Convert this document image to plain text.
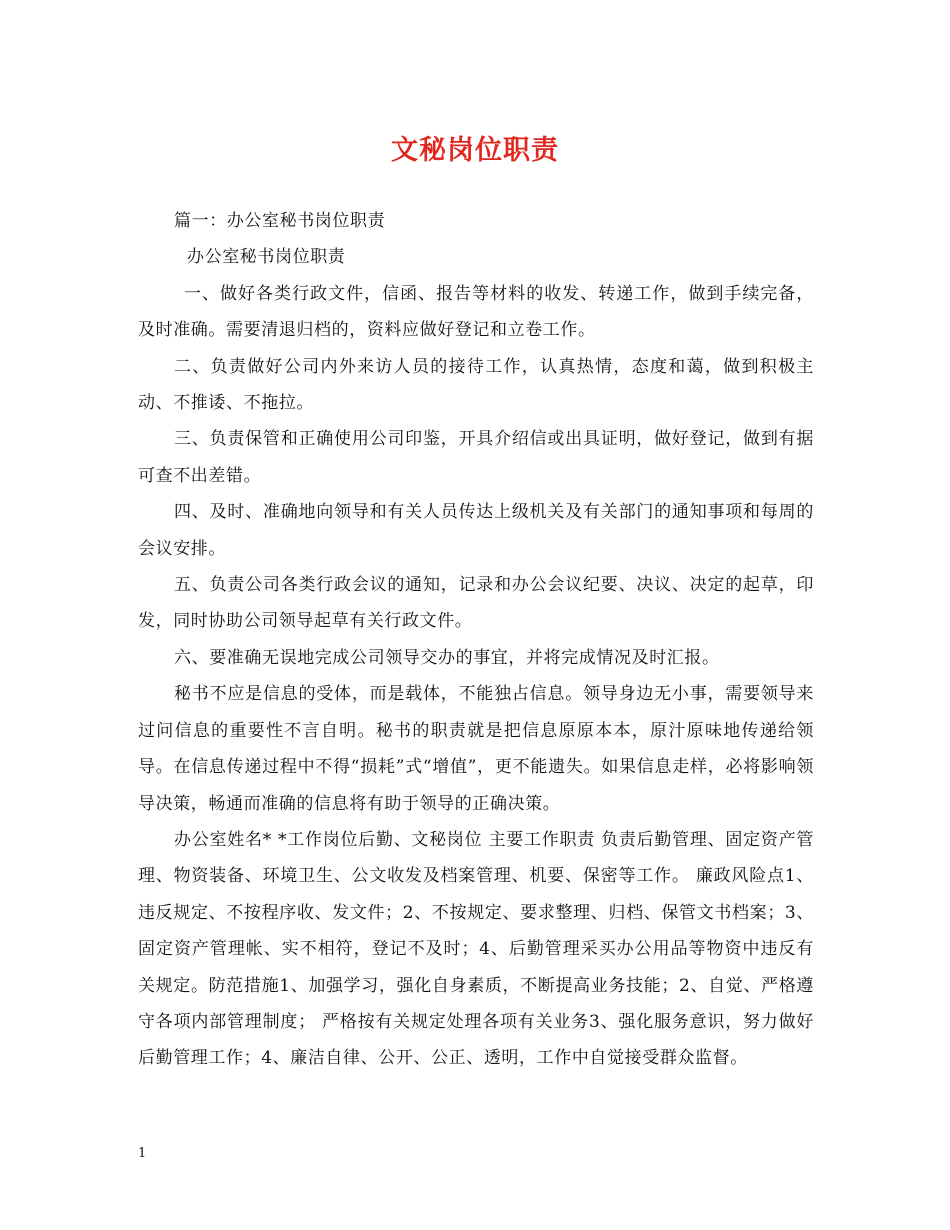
文秘岗位职责

篇一：办公室秘书岗位职责

办公室秘书岗位职责

一、做好各类行政文件，信函、报告等材料的收发、转递工作，做到手续完备，及时准确。需要清退归档的，资料应做好登记和立卷工作。

二、负责做好公司内外来访人员的接待工作，认真热情，态度和蔼，做到积极主动、不推诿、不拖拉。

三、负责保管和正确使用公司印鉴，开具介绍信或出具证明，做好登记，做到有据可查不出差错。

四、及时、准确地向领导和有关人员传达上级机关及有关部门的通知事项和每周的会议安排。

五、负责公司各类行政会议的通知，记录和办公会议纪要、决议、决定的起草，印发，同时协助公司领导起草有关行政文件。

六、要准确无误地完成公司领导交办的事宜，并将完成情况及时汇报。

秘书不应是信息的受体，而是载体，不能独占信息。领导身边无小事，需要领导来过问信息的重要性不言自明。秘书的职责就是把信息原原本本，原汁原味地传递给领导。在信息传递过程中不得“损耗”式“增值”，更不能遗失。如果信息走样，必将影响领导决策，畅通而准确的信息将有助于领导的正确决策。

办公室姓名* *工作岗位后勤、文秘岗位 主要工作职责 负责后勤管理、固定资产管理、物资装备、环境卫生、公文收发及档案管理、机要、保密等工作。 廉政风险点1、违反规定、不按程序收、发文件；2、不按规定、要求整理、归档、保管文书档案；3、固定资产管理帐、实不相符，登记不及时；4、后勤管理采买办公用品等物资中违反有关规定。防范措施1、加强学习，强化自身素质，不断提高业务技能；2、自觉、严格遵守各项内部管理制度； 严格按有关规定处理各项有关业务3、强化服务意识，努力做好后勤管理工作；4、廉洁自律、公开、公正、透明，工作中自觉接受群众监督。

1
